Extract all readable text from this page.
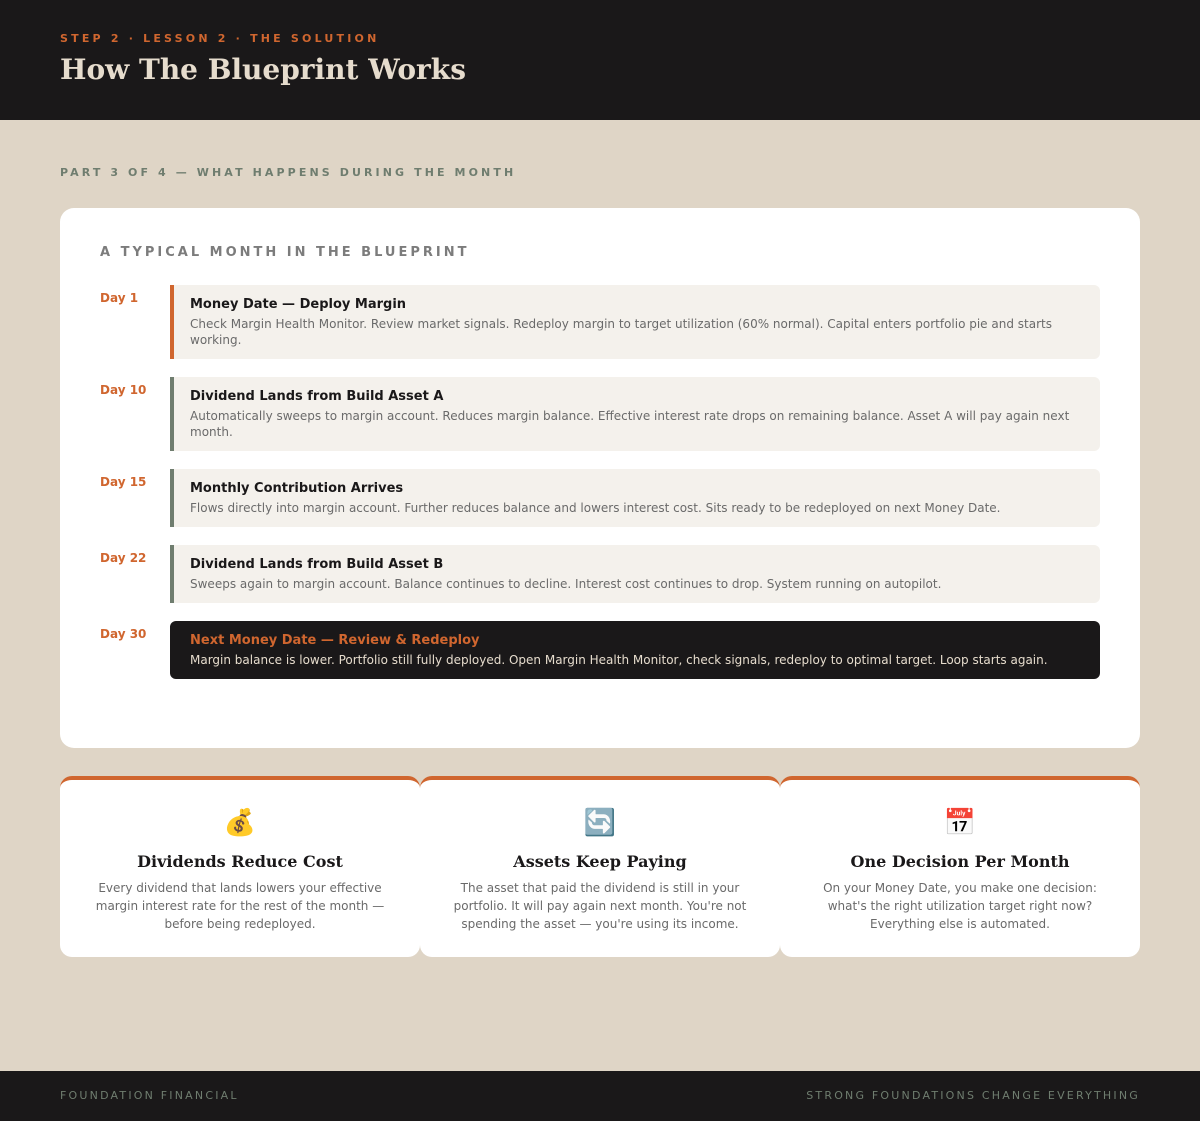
STEP 2 · LESSON 2 · THE SOLUTION
How The Blueprint Works
PART 3 OF 4 — WHAT HAPPENS DURING THE MONTH
A TYPICAL MONTH IN THE BLUEPRINT
Day 1	Money Date — Deploy Margin
Check Margin Health Monitor. Review market signals. Redeploy margin to target utilization (60% normal). Capital enters portfolio pie and starts working.
Day 10	Dividend Lands from Build Asset A
Automatically sweeps to margin account. Reduces margin balance. Effective interest rate drops on remaining balance. Asset A will pay again next month.
Day 15	Monthly Contribution Arrives
Flows directly into margin account. Further reduces balance and lowers interest cost. Sits ready to be redeployed on next Money Date.
Day 22	Dividend Lands from Build Asset B
Sweeps again to margin account. Balance continues to decline. Interest cost continues to drop. System running on autopilot.
Day 30	Next Money Date — Review & Redeploy
Margin balance is lower. Portfolio still fully deployed. Open Margin Health Monitor, check signals, redeploy to optimal target. Loop starts again.
💰
Dividends Reduce Cost
Every dividend that lands lowers your effective margin interest rate for the rest of the month — before being redeployed.
🔄
Assets Keep Paying
The asset that paid the dividend is still in your portfolio. It will pay again next month. You're not spending the asset — you're using its income.
📅
One Decision Per Month
On your Money Date, you make one decision: what's the right utilization target right now? Everything else is automated.
FOUNDATION FINANCIAL	STRONG FOUNDATIONS CHANGE EVERYTHING
